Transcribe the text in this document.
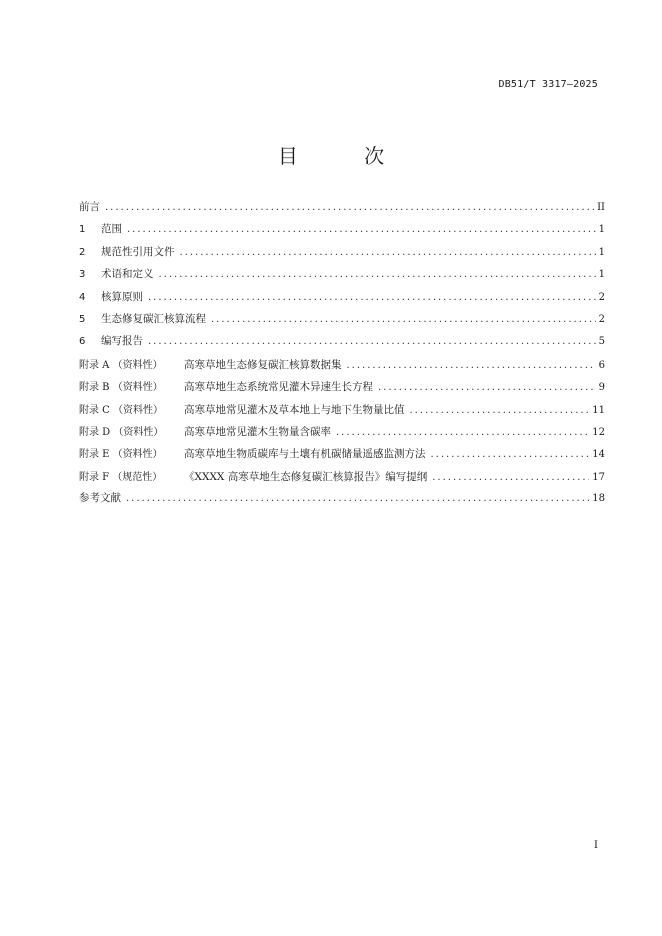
DB51/T 3317—2025
目 次
前言 .....	II
1	范围 .....	1
2	规范性引用文件 .....	1
3	术语和定义 .....	1
4	核算原则 .....	2
5	生态修复碳汇核算流程 .....	2
6	编写报告 .....	5
附录 A （资料性）	高寒草地生态修复碳汇核算数据集 .....	6
附录 B （资料性）	高寒草地生态系统常见灌木异速生长方程 .....	9
附录 C （资料性）	高寒草地常见灌木及草本地上与地下生物量比值 .....	11
附录 D （资料性）	高寒草地常见灌木生物量含碳率 .....	12
附录 E （资料性）	高寒草地生物质碳库与土壤有机碳储量遥感监测方法 .....	14
附录 F （规范性）	《XXXX 高寒草地生态修复碳汇核算报告》编写提纲 .....	17
参考文献 .....	18
I
